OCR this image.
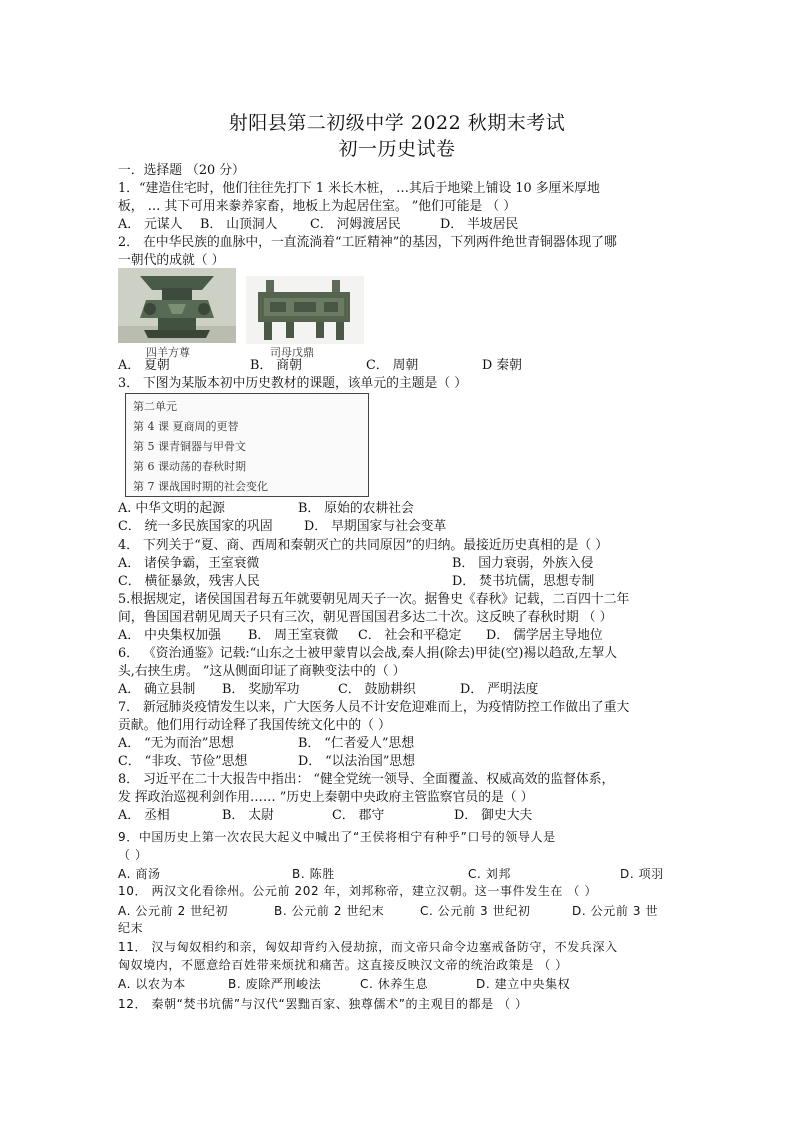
射阳县第二初级中学 2022 秋期末考试
初一历史试卷
一．选择题 （20 分）
1．“建造住宅时，他们往往先打下 1 米长木桩， …其后于地梁上铺设 10 多厘米厚地
板， … 其下可用来豢养家畜，地板上为起居住室。 ”他们可能是 （ ）
A． 元谋人 B． 山顶洞人	C． 河姆渡居民	D． 半坡居民
2． 在中华民族的血脉中，一直流淌着“工匠精神”的基因，下列两件绝世青铜器体现了哪
一朝代的成就（ ）
四羊方尊	司母戊鼎
A． 夏朝	B． 商朝	C． 周朝	D 秦朝
3． 下图为某版本初中历史教材的课题，该单元的主题是（ ）
第二单元
第 4 课 夏商周的更替
第 5 课青铜器与甲骨文
第 6 课动荡的春秋时期
第 7 课战国时期的社会变化
A. 中华文明的起源	B． 原始的农耕社会
C． 统一多民族国家的巩固 D． 早期国家与社会变革
4． 下列关于“夏、商、西周和秦朝灭亡的共同原因”的归纳。最接近历史真相的是（ ）
A． 诸侯争霸，王室衰微	B． 国力衰弱，外族入侵
C． 横征暴敛，残害人民	D． 焚书坑儒，思想专制
5.根据规定，诸侯国国君每五年就要朝见周天子一次。据鲁史《春秋》记载，二百四十二年
间，鲁国国君朝见周天子只有三次，朝见晋国国君多达二十次。这反映了春秋时期 （ ）
A． 中央集权加强 B． 周王室衰微 C． 社会和平稳定 D． 儒学居主导地位
6． 《资治通鉴》记载:“山东之士被甲蒙胄以会战,秦人捐(除去)甲徒(空)裼以趋敌,左挈人
头,右挟生虏。 ”这从侧面印证了商鞅变法中的（ ）
A． 确立县制 B． 奖励军功	C． 鼓励耕织	D． 严明法度
7． 新冠肺炎疫情发生以来，广大医务人员不计安危迎难而上，为疫情防控工作做出了重大
贡献。他们用行动诠释了我国传统文化中的（ ）
A． “无为而治”思想	B． “仁者爱人”思想
C． “非攻、节俭”思想	D． “以法治国”思想
8． 习近平在二十大报告中指出： “健全党统一领导、全面覆盖、权威高效的监督体系，
发 挥政治巡视利剑作用…… ”历史上秦朝中央政府主管监察官员的是（ ）
A． 丞相	B． 太尉	C． 郡守	D． 御史大夫
9．中国历史上第一次农民大起义中喊出了“王侯将相宁有种乎”口号的领导人是
（ ）
A. 商汤	B. 陈胜	C. 刘邦	D. 项羽
10． 两汉文化看徐州。公元前 202 年，刘邦称帝，建立汉朝。这一事件发生在 （ ）
A. 公元前 2 世纪初	B. 公元前 2 世纪末	C. 公元前 3 世纪初	D. 公元前 3 世
纪末
11． 汉与匈奴相约和亲，匈奴却背约入侵劫掠，而文帝只命令边塞戒备防守，不发兵深入
匈奴境内，不愿意给百姓带来烦扰和痛苦。这直接反映汉文帝的统治政策是 （ ）
A. 以农为本	B. 废除严刑峻法	C. 休养生息	D. 建立中央集权
12． 秦朝“焚书坑儒”与汉代“罢黜百家、独尊儒术”的主观目的都是 （ ）
